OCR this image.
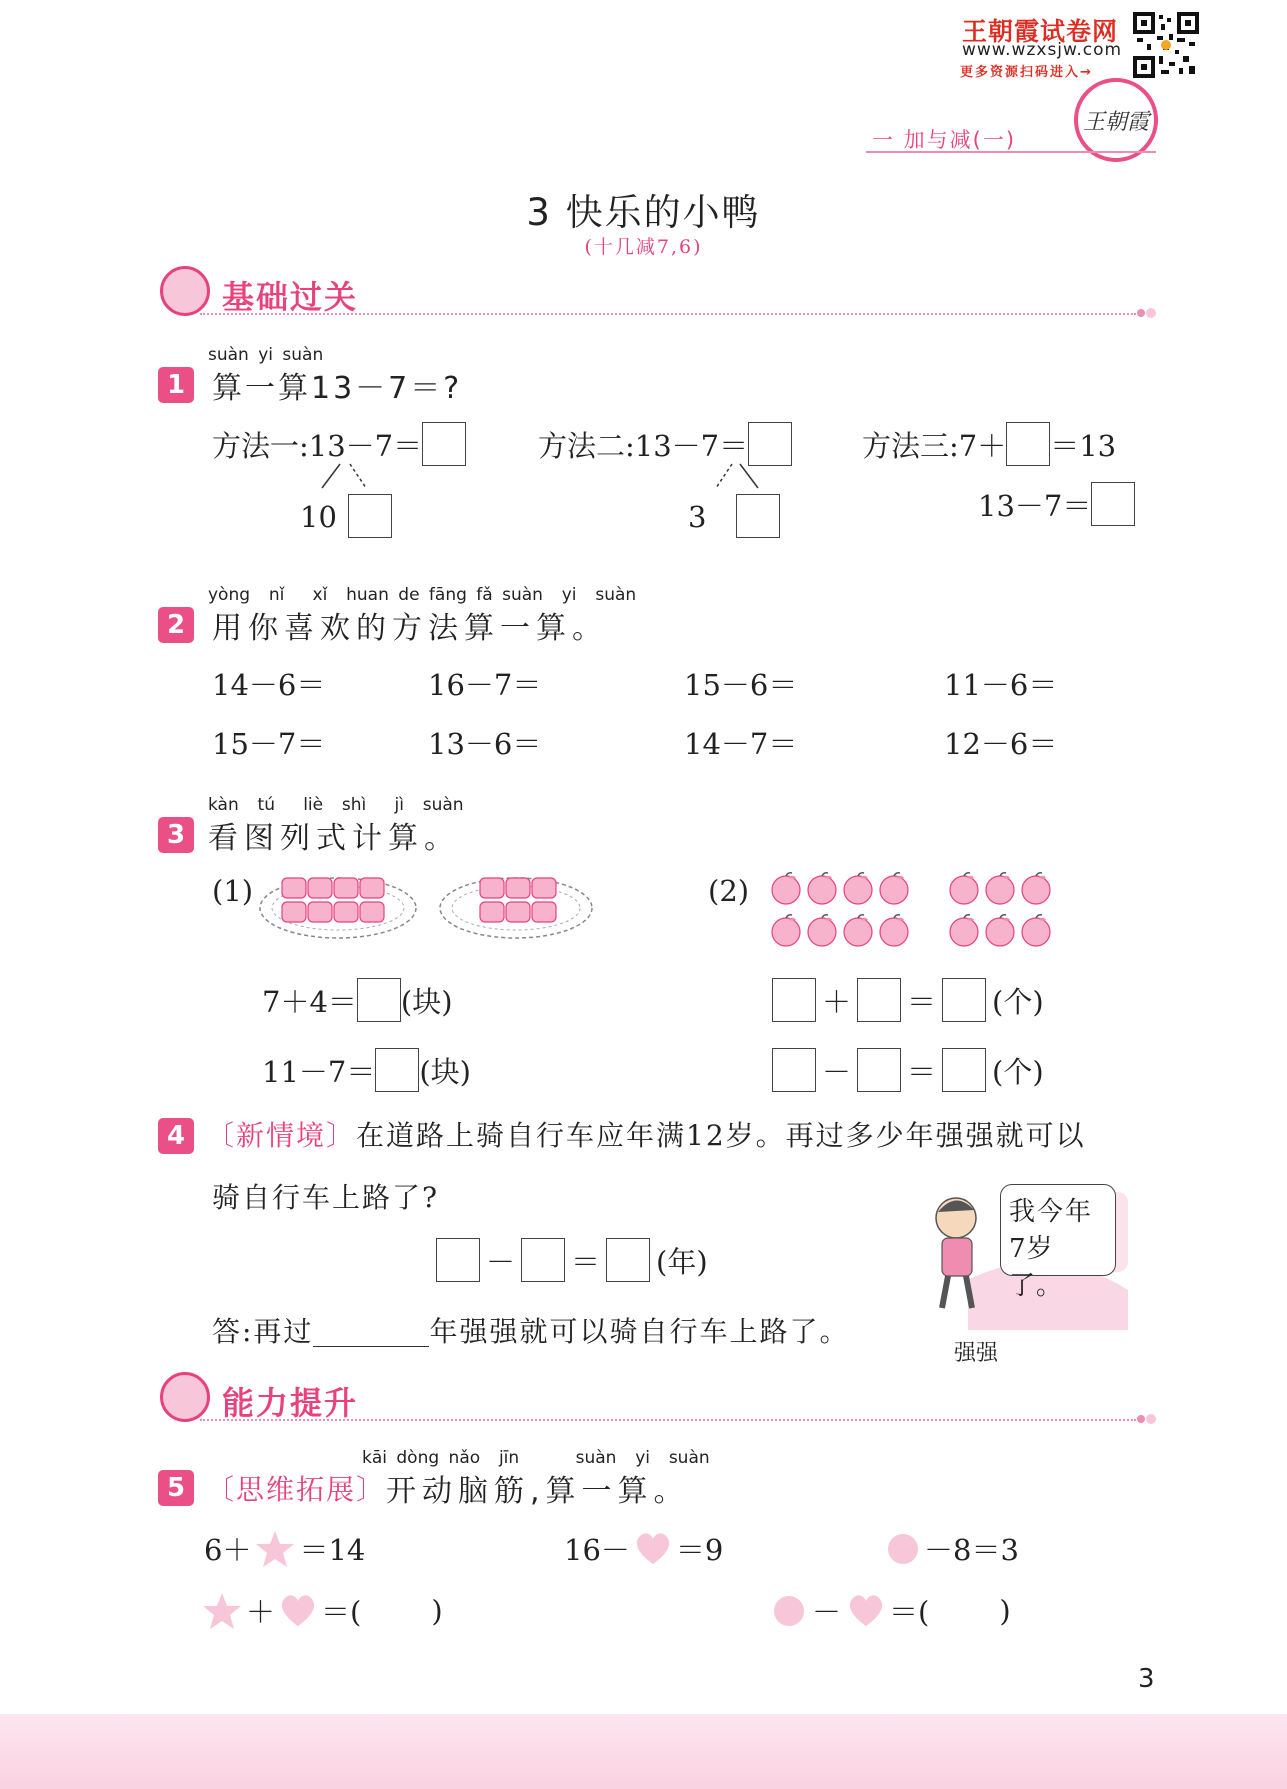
王朝霞试卷网
www.wzxsjw.com
更多资源扫码进入→
王朝霞
一 加与减(一)
3 快乐的小鸭
(十几减7,6)
基础过关
suàn yi suàn
1 算一算13－7＝?
方法一:13－7＝
10
方法二:13－7＝
3
方法三:7＋ ＝13
13－7＝
yòng  nǐ   xǐ  huan de fāng fǎ suàn  yi  suàn
2 用你喜欢的方法算一算。
14－6＝	16－7＝	15－6＝	11－6＝
15－7＝	13－6＝	14－7＝	12－6＝
kàn  tú   liè  shì   jì  suàn
3 看图列式计算。
(1)
7＋4＝ (块)
11－7＝ (块)
(2)
＋ ＝ (个)
－ ＝ (个)
4 〔新情境〕 在道路上骑自行车应年满12岁。再过多少年强强就可以
骑自行车上路了?
－ ＝ (年)
答:再过	年强强就可以骑自行车上路了。
我今年
7岁了。
强强
能力提升
kāi dòng nǎo  jīn      suàn  yi  suàn
5 〔思维拓展〕 开动脑筋,算一算。
6＋ ＝14	16－ ＝9	－8＝3
＋ ＝( )	－ ＝( )
3
